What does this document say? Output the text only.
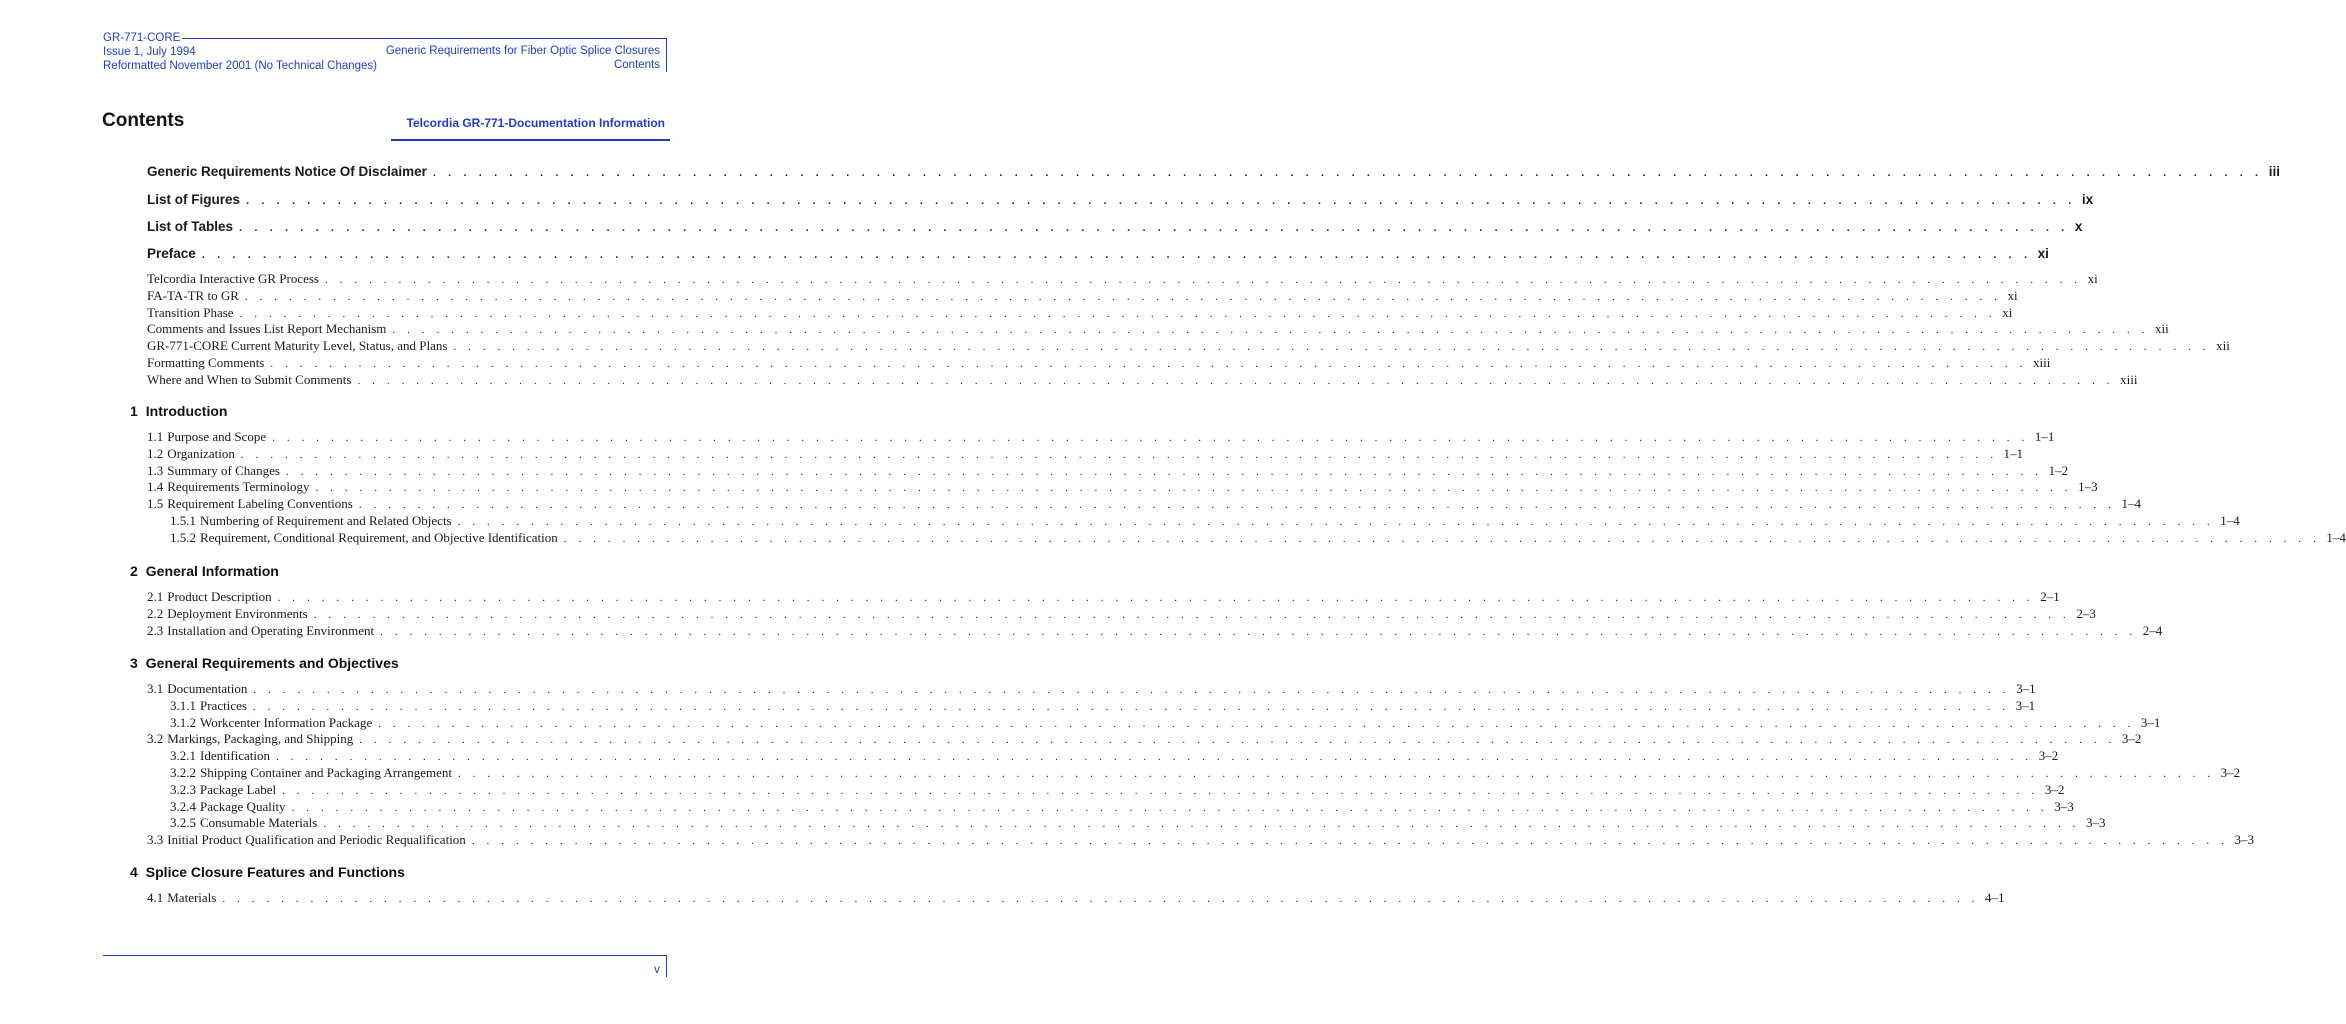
GR-771-CORE
Issue 1, July 1994
Reformatted November 2001 (No Technical Changes)
Generic Requirements for Fiber Optic Splice Closures
Contents
Contents	Telcordia GR-771-Documentation Information
Generic Requirements Notice Of Disclaimer . . . . . . . . . . . . . . . . . . . . . . . . . . . . . . . . . . . . . . . . . . . . . . . . . . . . . . . . . . . . . . . . . . . . . . . . . . . . . . . . . . . . . . . . . . . . . . . . . . . . . . . . . . . . . . . . . . . . . . . . iii
List of Figures . . . . . . . . . . . . . . . . . . . . . . . . . . . . . . . . . . . . . . . . . . . . . . . . . . . . . . . . . . . . . . . . . . . . . . . . . . . . . . . . . . . . . . . . . . . . . . . . . . . . . . . . . . . . . . . . . . . . . . . . ix
List of Tables . . . . . . . . . . . . . . . . . . . . . . . . . . . . . . . . . . . . . . . . . . . . . . . . . . . . . . . . . . . . . . . . . . . . . . . . . . . . . . . . . . . . . . . . . . . . . . . . . . . . . . . . . . . . . . . . . . . . . . . . x
Preface . . . . . . . . . . . . . . . . . . . . . . . . . . . . . . . . . . . . . . . . . . . . . . . . . . . . . . . . . . . . . . . . . . . . . . . . . . . . . . . . . . . . . . . . . . . . . . . . . . . . . . . . . . . . . . . . . . . . . . . . xi
Telcordia Interactive GR Process . . . . . . . . . . . . . . . . . . . . . . . . . . . . . . . . . . . . . . . . . . . . . . . . . . . . . . . . . . . . . . . . . . . . . . . . . . . . . . . . . . . . . . . . . . . . . . . . . . . . . . . . . . . . . . . . . . . . . . . . xi
FA-TA-TR to GR . . . . . . . . . . . . . . . . . . . . . . . . . . . . . . . . . . . . . . . . . . . . . . . . . . . . . . . . . . . . . . . . . . . . . . . . . . . . . . . . . . . . . . . . . . . . . . . . . . . . . . . . . . . . . . . . . . . . . . . . xi
Transition Phase . . . . . . . . . . . . . . . . . . . . . . . . . . . . . . . . . . . . . . . . . . . . . . . . . . . . . . . . . . . . . . . . . . . . . . . . . . . . . . . . . . . . . . . . . . . . . . . . . . . . . . . . . . . . . . . . . . . . . . . . xi
Comments and Issues List Report Mechanism . . . . . . . . . . . . . . . . . . . . . . . . . . . . . . . . . . . . . . . . . . . . . . . . . . . . . . . . . . . . . . . . . . . . . . . . . . . . . . . . . . . . . . . . . . . . . . . . . . . . . . . . . . . . . . . . . . . . . . . . xii
GR-771-CORE Current Maturity Level, Status, and Plans . . . . . . . . . . . . . . . . . . . . . . . . . . . . . . . . . . . . . . . . . . . . . . . . . . . . . . . . . . . . . . . . . . . . . . . . . . . . . . . . . . . . . . . . . . . . . . . . . . . . . . . . . . . . . . . . . . . . . . . . xii
Formatting Comments . . . . . . . . . . . . . . . . . . . . . . . . . . . . . . . . . . . . . . . . . . . . . . . . . . . . . . . . . . . . . . . . . . . . . . . . . . . . . . . . . . . . . . . . . . . . . . . . . . . . . . . . . . . . . . . . . . . . . . . . xiii
Where and When to Submit Comments . . . . . . . . . . . . . . . . . . . . . . . . . . . . . . . . . . . . . . . . . . . . . . . . . . . . . . . . . . . . . . . . . . . . . . . . . . . . . . . . . . . . . . . . . . . . . . . . . . . . . . . . . . . . . . . . . . . . . . . . xiii
1 Introduction
1.1 Purpose and Scope . . . . . . . . . . . . . . . . . . . . . . . . . . . . . . . . . . . . . . . . . . . . . . . . . . . . . . . . . . . . . . . . . . . . . . . . . . . . . . . . . . . . . . . . . . . . . . . . . . . . . . . . . . . . . . . . . . . . . . . . 1–1
1.2 Organization . . . . . . . . . . . . . . . . . . . . . . . . . . . . . . . . . . . . . . . . . . . . . . . . . . . . . . . . . . . . . . . . . . . . . . . . . . . . . . . . . . . . . . . . . . . . . . . . . . . . . . . . . . . . . . . . . . . . . . . . 1–1
1.3 Summary of Changes . . . . . . . . . . . . . . . . . . . . . . . . . . . . . . . . . . . . . . . . . . . . . . . . . . . . . . . . . . . . . . . . . . . . . . . . . . . . . . . . . . . . . . . . . . . . . . . . . . . . . . . . . . . . . . . . . . . . . . . . 1–2
1.4 Requirements Terminology . . . . . . . . . . . . . . . . . . . . . . . . . . . . . . . . . . . . . . . . . . . . . . . . . . . . . . . . . . . . . . . . . . . . . . . . . . . . . . . . . . . . . . . . . . . . . . . . . . . . . . . . . . . . . . . . . . . . . . . . 1–3
1.5 Requirement Labeling Conventions . . . . . . . . . . . . . . . . . . . . . . . . . . . . . . . . . . . . . . . . . . . . . . . . . . . . . . . . . . . . . . . . . . . . . . . . . . . . . . . . . . . . . . . . . . . . . . . . . . . . . . . . . . . . . . . . . . . . . . . . 1–4
1.5.1 Numbering of Requirement and Related Objects . . . . . . . . . . . . . . . . . . . . . . . . . . . . . . . . . . . . . . . . . . . . . . . . . . . . . . . . . . . . . . . . . . . . . . . . . . . . . . . . . . . . . . . . . . . . . . . . . . . . . . . . . . . . . . . . . . . . . . . . 1–4
1.5.2 Requirement, Conditional Requirement, and Objective Identification . . . . . . . . . . . . . . . . . . . . . . . . . . . . . . . . . . . . . . . . . . . . . . . . . . . . . . . . . . . . . . . . . . . . . . . . . . . . . . . . . . . . . . . . . . . . . . . . . . . . . . . . . . . . . . . . . . . . . . . . 1–4
2 General Information
2.1 Product Description . . . . . . . . . . . . . . . . . . . . . . . . . . . . . . . . . . . . . . . . . . . . . . . . . . . . . . . . . . . . . . . . . . . . . . . . . . . . . . . . . . . . . . . . . . . . . . . . . . . . . . . . . . . . . . . . . . . . . . . . 2–1
2.2 Deployment Environments . . . . . . . . . . . . . . . . . . . . . . . . . . . . . . . . . . . . . . . . . . . . . . . . . . . . . . . . . . . . . . . . . . . . . . . . . . . . . . . . . . . . . . . . . . . . . . . . . . . . . . . . . . . . . . . . . . . . . . . . 2–3
2.3 Installation and Operating Environment . . . . . . . . . . . . . . . . . . . . . . . . . . . . . . . . . . . . . . . . . . . . . . . . . . . . . . . . . . . . . . . . . . . . . . . . . . . . . . . . . . . . . . . . . . . . . . . . . . . . . . . . . . . . . . . . . . . . . . . . 2–4
3 General Requirements and Objectives
3.1 Documentation . . . . . . . . . . . . . . . . . . . . . . . . . . . . . . . . . . . . . . . . . . . . . . . . . . . . . . . . . . . . . . . . . . . . . . . . . . . . . . . . . . . . . . . . . . . . . . . . . . . . . . . . . . . . . . . . . . . . . . . . 3–1
3.1.1 Practices . . . . . . . . . . . . . . . . . . . . . . . . . . . . . . . . . . . . . . . . . . . . . . . . . . . . . . . . . . . . . . . . . . . . . . . . . . . . . . . . . . . . . . . . . . . . . . . . . . . . . . . . . . . . . . . . . . . . . . . . 3–1
3.1.2 Workcenter Information Package . . . . . . . . . . . . . . . . . . . . . . . . . . . . . . . . . . . . . . . . . . . . . . . . . . . . . . . . . . . . . . . . . . . . . . . . . . . . . . . . . . . . . . . . . . . . . . . . . . . . . . . . . . . . . . . . . . . . . . . . 3–1
3.2 Markings, Packaging, and Shipping . . . . . . . . . . . . . . . . . . . . . . . . . . . . . . . . . . . . . . . . . . . . . . . . . . . . . . . . . . . . . . . . . . . . . . . . . . . . . . . . . . . . . . . . . . . . . . . . . . . . . . . . . . . . . . . . . . . . . . . . 3–2
3.2.1 Identification . . . . . . . . . . . . . . . . . . . . . . . . . . . . . . . . . . . . . . . . . . . . . . . . . . . . . . . . . . . . . . . . . . . . . . . . . . . . . . . . . . . . . . . . . . . . . . . . . . . . . . . . . . . . . . . . . . . . . . . . 3–2
3.2.2 Shipping Container and Packaging Arrangement . . . . . . . . . . . . . . . . . . . . . . . . . . . . . . . . . . . . . . . . . . . . . . . . . . . . . . . . . . . . . . . . . . . . . . . . . . . . . . . . . . . . . . . . . . . . . . . . . . . . . . . . . . . . . . . . . . . . . . . . 3–2
3.2.3 Package Label . . . . . . . . . . . . . . . . . . . . . . . . . . . . . . . . . . . . . . . . . . . . . . . . . . . . . . . . . . . . . . . . . . . . . . . . . . . . . . . . . . . . . . . . . . . . . . . . . . . . . . . . . . . . . . . . . . . . . . . . 3–2
3.2.4 Package Quality . . . . . . . . . . . . . . . . . . . . . . . . . . . . . . . . . . . . . . . . . . . . . . . . . . . . . . . . . . . . . . . . . . . . . . . . . . . . . . . . . . . . . . . . . . . . . . . . . . . . . . . . . . . . . . . . . . . . . . . . 3–3
3.2.5 Consumable Materials . . . . . . . . . . . . . . . . . . . . . . . . . . . . . . . . . . . . . . . . . . . . . . . . . . . . . . . . . . . . . . . . . . . . . . . . . . . . . . . . . . . . . . . . . . . . . . . . . . . . . . . . . . . . . . . . . . . . . . . . 3–3
3.3 Initial Product Qualification and Periodic Requalification . . . . . . . . . . . . . . . . . . . . . . . . . . . . . . . . . . . . . . . . . . . . . . . . . . . . . . . . . . . . . . . . . . . . . . . . . . . . . . . . . . . . . . . . . . . . . . . . . . . . . . . . . . . . . . . . . . . . . . . . 3–3
4 Splice Closure Features and Functions
4.1 Materials . . . . . . . . . . . . . . . . . . . . . . . . . . . . . . . . . . . . . . . . . . . . . . . . . . . . . . . . . . . . . . . . . . . . . . . . . . . . . . . . . . . . . . . . . . . . . . . . . . . . . . . . . . . . . . . . . . . . . . . . 4–1
v
